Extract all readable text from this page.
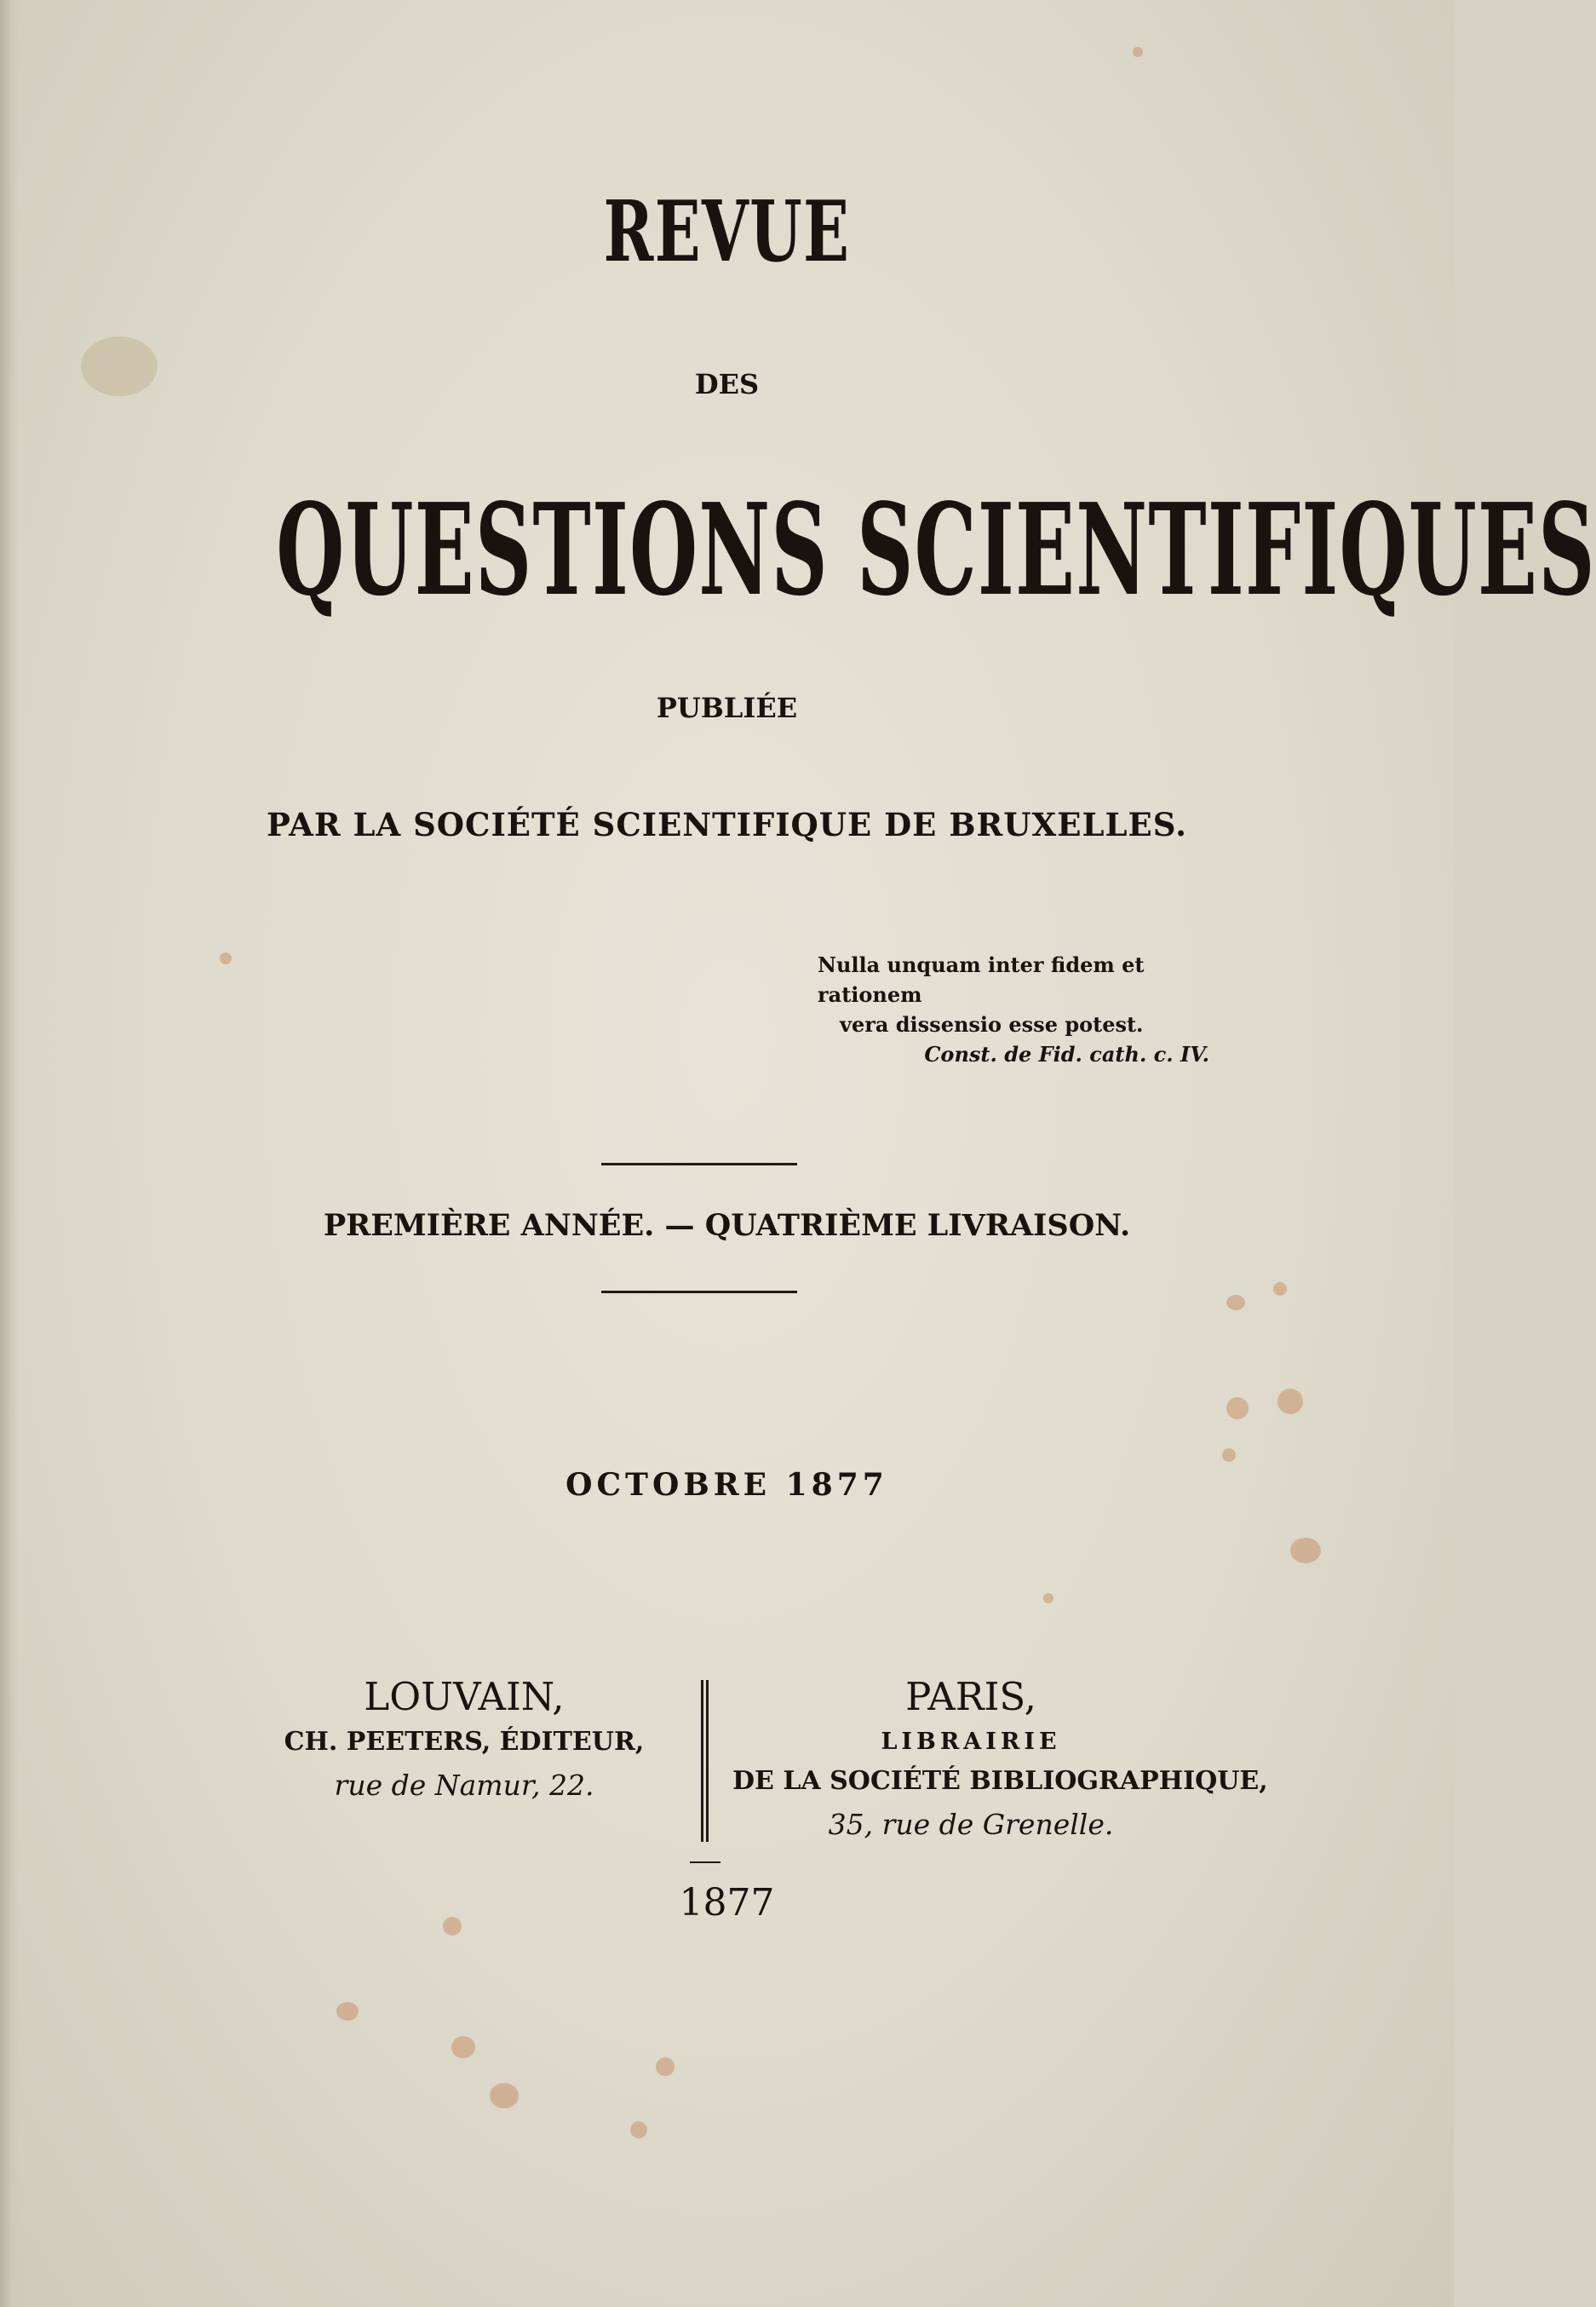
REVUE
DES
QUESTIONS SCIENTIFIQUES
PUBLIÉE
PAR LA SOCIÉTÉ SCIENTIFIQUE DE BRUXELLES.
Nulla unquam inter fidem et rationem
vera dissensio esse potest.
Const. de Fid. cath. c. IV.
PREMIÈRE ANNÉE. — QUATRIÈME LIVRAISON.
OCTOBRE 1877
LOUVAIN,
CH. PEETERS, ÉDITEUR,
rue de Namur, 22.
PARIS,
LIBRAIRIE
DE LA SOCIÉTÉ BIBLIOGRAPHIQUE,
35, rue de Grenelle.
1877
